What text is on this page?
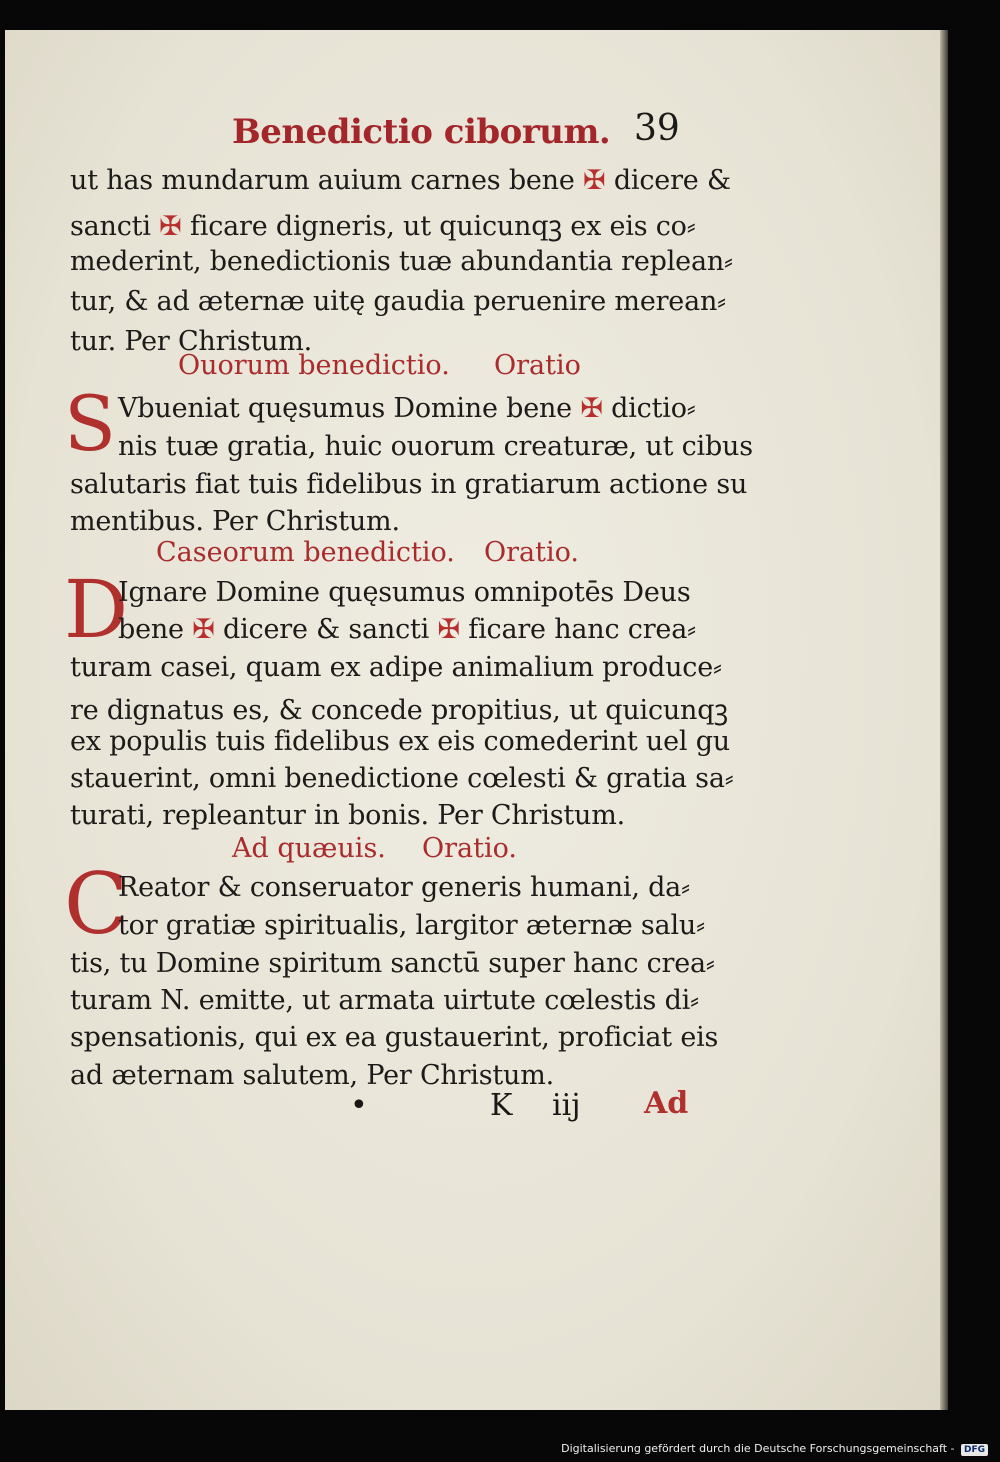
Benedictio ciborum. 39
ut has mundarum auium carnes bene ✠ dicere &
sancti ✠ ficare digneris, ut quicunqꝫ ex eis co⸗
mederint, benedictionis tuæ abundantia replean⸗
tur, & ad æternæ uitę gaudia peruenire merean⸗
tur. Per Christum.
Ouorum benedictio. Oratio
S Vbueniat quęsumus Domine bene ✠ dictio⸗
nis tuæ gratia, huic ouorum creaturæ, ut cibus
salutaris fiat tuis fidelibus in gratiarum actione su
mentibus. Per Christum.
Caseorum benedictio. Oratio.
D
Ignare Domine quęsumus omnipotēs Deus
bene ✠ dicere & sancti ✠ ficare hanc crea⸗
turam casei, quam ex adipe animalium produce⸗
re dignatus es, & concede propitius, ut quicunqꝫ
ex populis tuis fidelibus ex eis comederint uel gu
stauerint, omni benedictione cœlesti & gratia sa⸗
turati, repleantur in bonis. Per Christum.
Ad quæuis. Oratio.
C
Reator & conseruator generis humani, da⸗
tor gratiæ spiritualis, largitor æternæ salu⸗
tis, tu Domine spiritum sanctū super hanc crea⸗
turam N. emitte, ut armata uirtute cœlestis di⸗
spensationis, qui ex ea gustauerint, proficiat eis
ad æternam salutem, Per Christum.
•	K iij Ad
Digitalisierung gefördert durch die Deutsche Forschungsgemeinschaft - DFG
